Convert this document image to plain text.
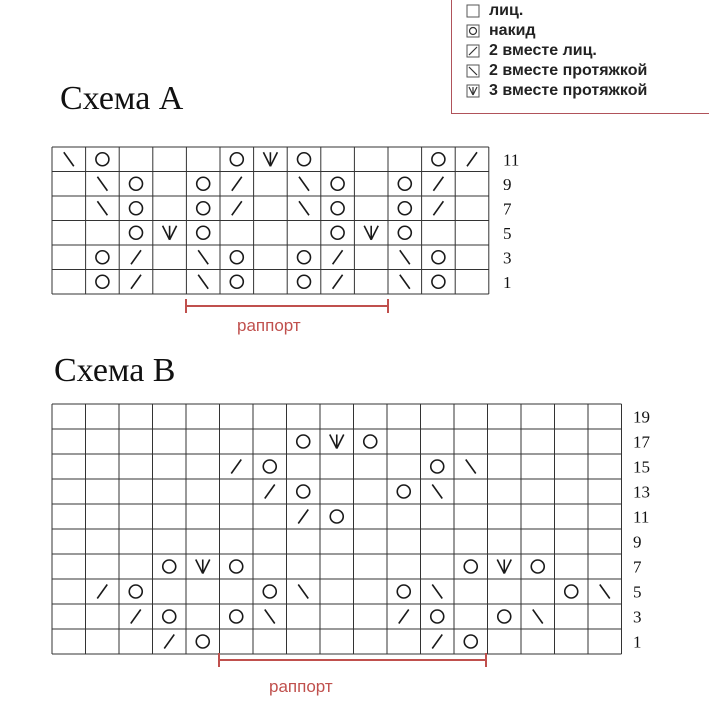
лиц.
накид
2 вместе лиц.
2 вместе протяжкой
3 вместе протяжкой
Схема А
11
9
7
5
3
1
раппорт
Схема В
19
17
15
13
11
9
7
5
3
1
раппорт
